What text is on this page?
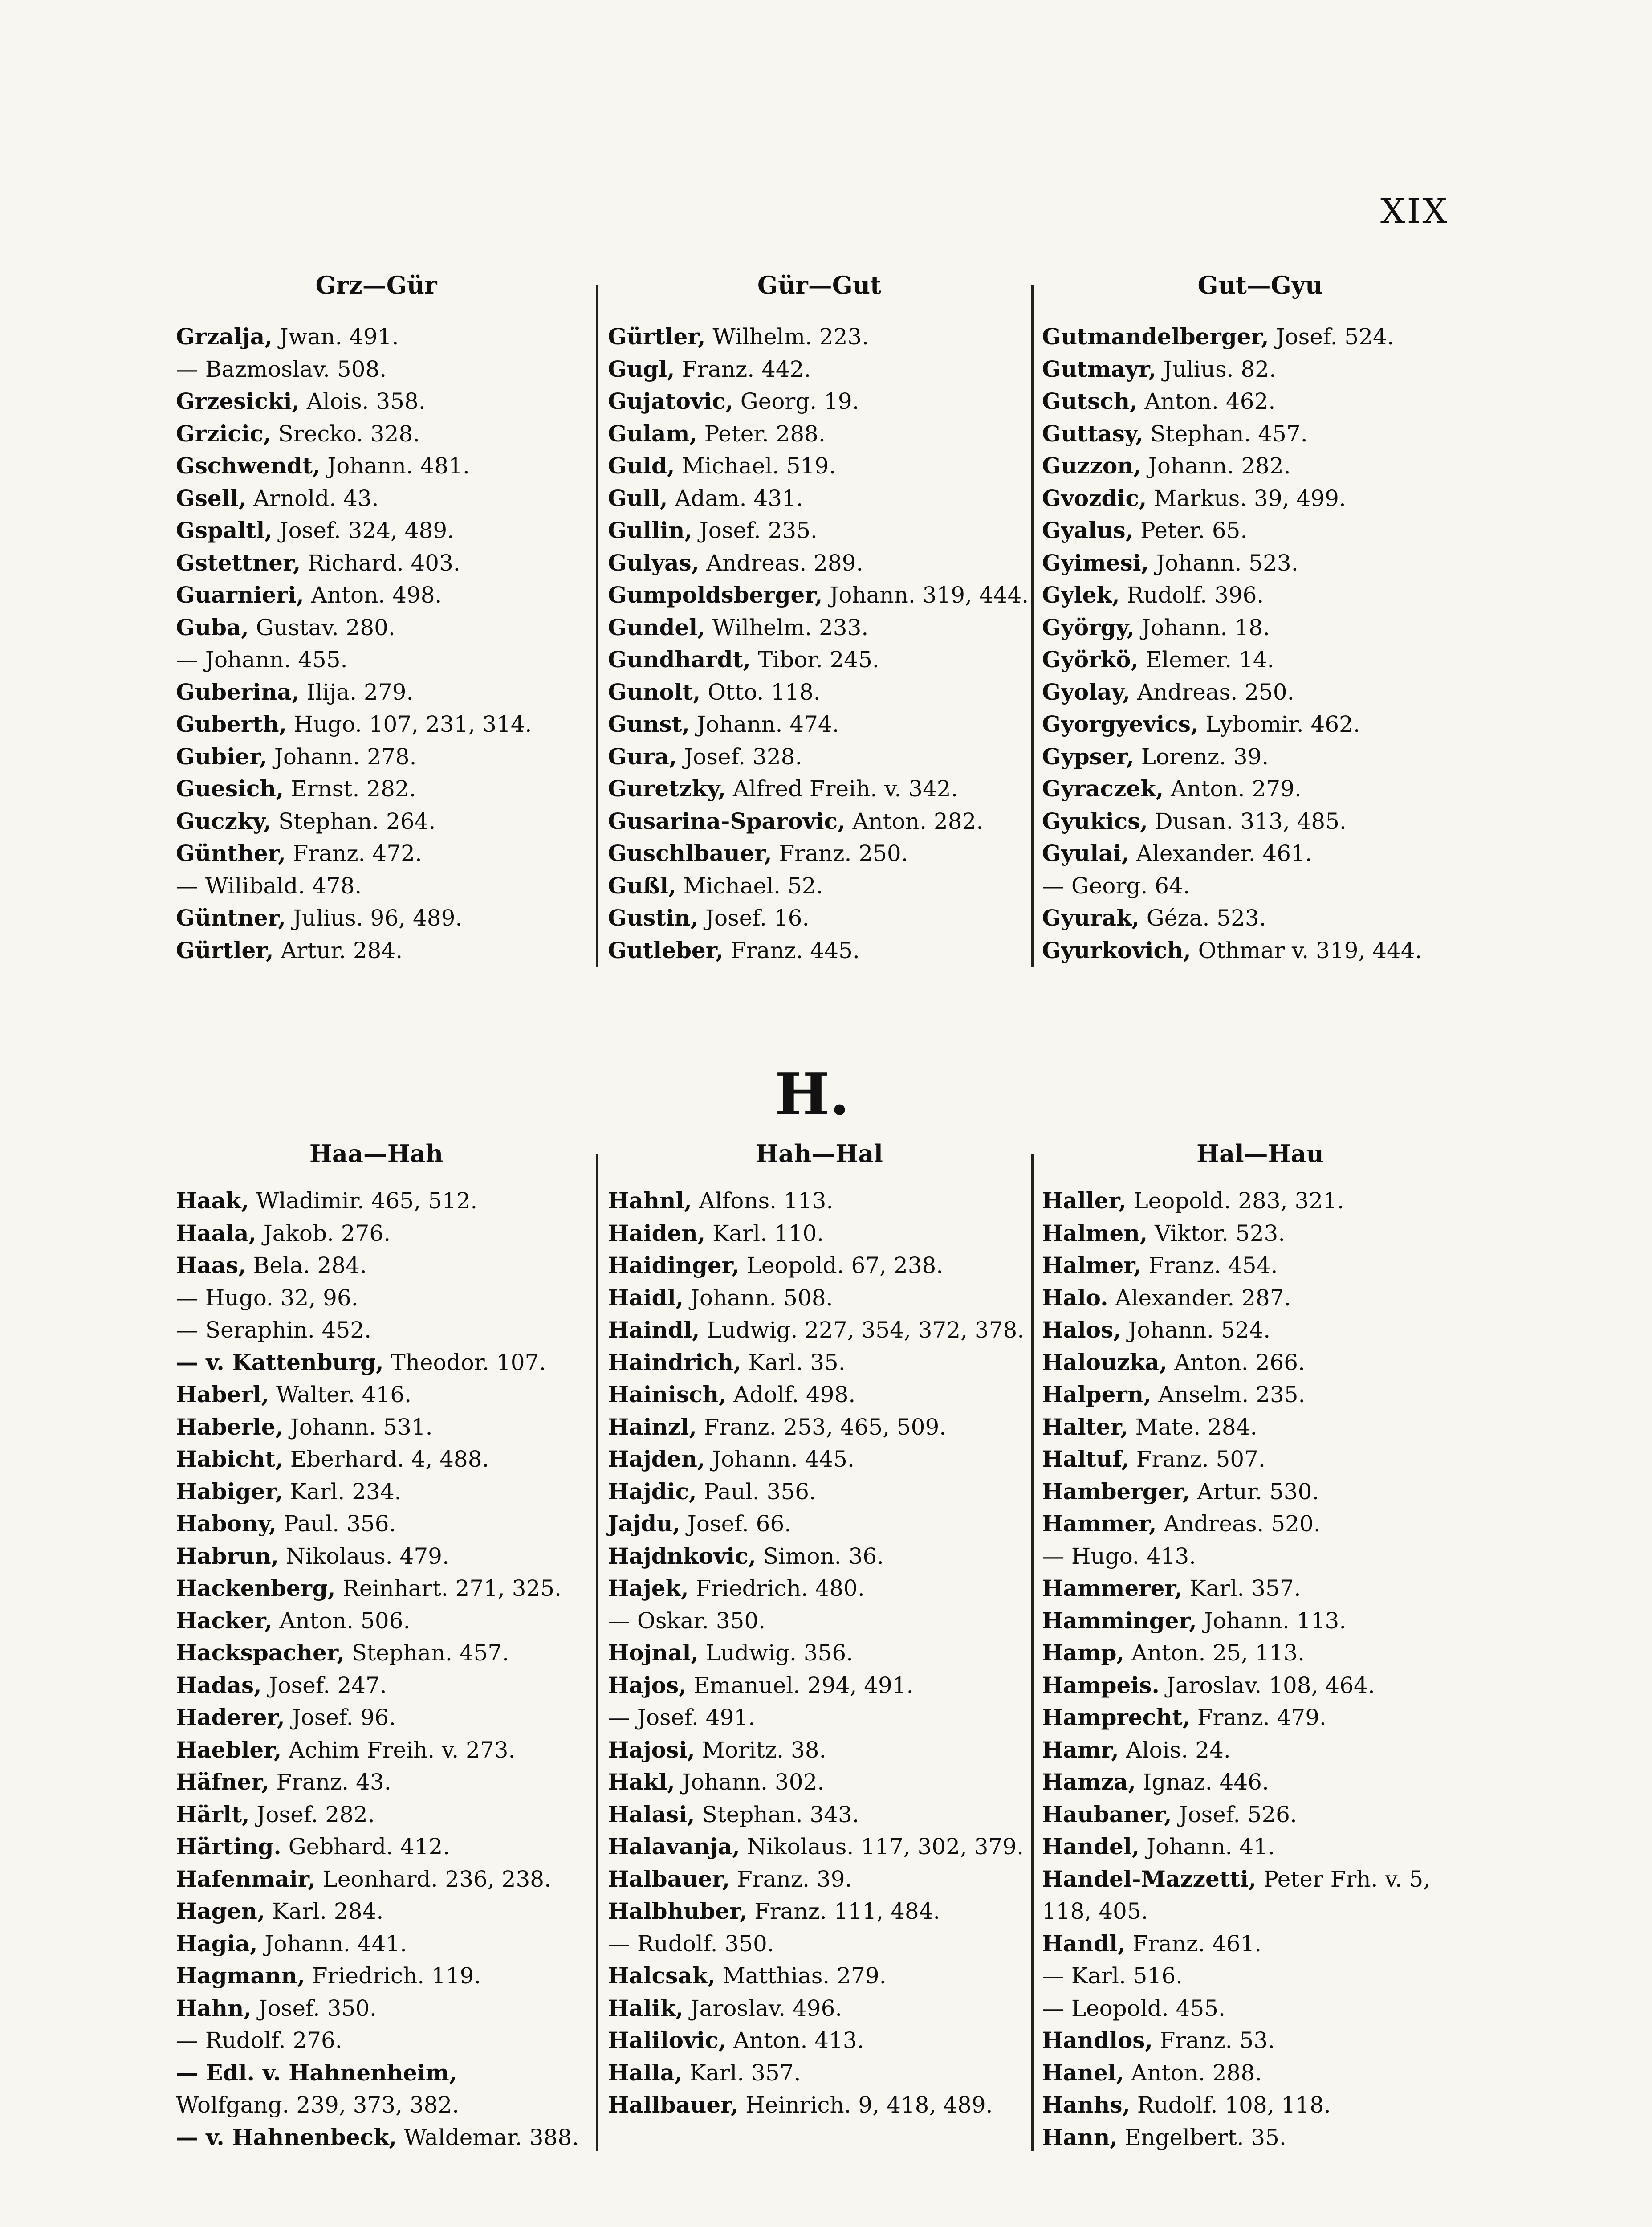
XIX
Grz—Gür
Grzalja, Jwan. 491.
— Bazmoslav. 508.
Grzesicki, Alois. 358.
Grzicic, Srecko. 328.
Gschwendt, Johann. 481.
Gsell, Arnold. 43.
Gspaltl, Josef. 324, 489.
Gstettner, Richard. 403.
Guarnieri, Anton. 498.
Guba, Gustav. 280.
— Johann. 455.
Guberina, Ilija. 279.
Guberth, Hugo. 107, 231, 314.
Gubier, Johann. 278.
Guesich, Ernst. 282.
Guczky, Stephan. 264.
Günther, Franz. 472.
— Wilibald. 478.
Güntner, Julius. 96, 489.
Gürtler, Artur. 284.
Gür—Gut
Gürtler, Wilhelm. 223.
Gugl, Franz. 442.
Gujatovic, Georg. 19.
Gulam, Peter. 288.
Guld, Michael. 519.
Gull, Adam. 431.
Gullin, Josef. 235.
Gulyas, Andreas. 289.
Gumpoldsberger, Johann. 319, 444.
Gundel, Wilhelm. 233.
Gundhardt, Tibor. 245.
Gunolt, Otto. 118.
Gunst, Johann. 474.
Gura, Josef. 328.
Guretzky, Alfred Freih. v. 342.
Gusarina-Sparovic, Anton. 282.
Guschlbauer, Franz. 250.
Gußl, Michael. 52.
Gustin, Josef. 16.
Gutleber, Franz. 445.
Gut—Gyu
Gutmandelberger, Josef. 524.
Gutmayr, Julius. 82.
Gutsch, Anton. 462.
Guttasy, Stephan. 457.
Guzzon, Johann. 282.
Gvozdic, Markus. 39, 499.
Gyalus, Peter. 65.
Gyimesi, Johann. 523.
Gylek, Rudolf. 396.
György, Johann. 18.
Györkö, Elemer. 14.
Gyolay, Andreas. 250.
Gyorgyevics, Lybomir. 462.
Gypser, Lorenz. 39.
Gyraczek, Anton. 279.
Gyukics, Dusan. 313, 485.
Gyulai, Alexander. 461.
— Georg. 64.
Gyurak, Géza. 523.
Gyurkovich, Othmar v. 319, 444.
H.
Haa—Hah
Haak, Wladimir. 465, 512.
Haala, Jakob. 276.
Haas, Bela. 284.
— Hugo. 32, 96.
— Seraphin. 452.
— v. Kattenburg, Theodor. 107.
Haberl, Walter. 416.
Haberle, Johann. 531.
Habicht, Eberhard. 4, 488.
Habiger, Karl. 234.
Habony, Paul. 356.
Habrun, Nikolaus. 479.
Hackenberg, Reinhart. 271, 325.
Hacker, Anton. 506.
Hackspacher, Stephan. 457.
Hadas, Josef. 247.
Haderer, Josef. 96.
Haebler, Achim Freih. v. 273.
Häfner, Franz. 43.
Härlt, Josef. 282.
Härting. Gebhard. 412.
Hafenmair, Leonhard. 236, 238.
Hagen, Karl. 284.
Hagia, Johann. 441.
Hagmann, Friedrich. 119.
Hahn, Josef. 350.
— Rudolf. 276.
— Edl. v. Hahnenheim, Wolfgang. 239, 373, 382.
— v. Hahnenbeck, Waldemar. 388.
Hah—Hal
Hahnl, Alfons. 113.
Haiden, Karl. 110.
Haidinger, Leopold. 67, 238.
Haidl, Johann. 508.
Haindl, Ludwig. 227, 354, 372, 378.
Haindrich, Karl. 35.
Hainisch, Adolf. 498.
Hainzl, Franz. 253, 465, 509.
Hajden, Johann. 445.
Hajdic, Paul. 356.
Jajdu, Josef. 66.
Hajdnkovic, Simon. 36.
Hajek, Friedrich. 480.
— Oskar. 350.
Hojnal, Ludwig. 356.
Hajos, Emanuel. 294, 491.
— Josef. 491.
Hajosi, Moritz. 38.
Hakl, Johann. 302.
Halasi, Stephan. 343.
Halavanja, Nikolaus. 117, 302, 379.
Halbauer, Franz. 39.
Halbhuber, Franz. 111, 484.
— Rudolf. 350.
Halcsak, Matthias. 279.
Halik, Jaroslav. 496.
Halilovic, Anton. 413.
Halla, Karl. 357.
Hallbauer, Heinrich. 9, 418, 489.
Hal—Hau
Haller, Leopold. 283, 321.
Halmen, Viktor. 523.
Halmer, Franz. 454.
Halo. Alexander. 287.
Halos, Johann. 524.
Halouzka, Anton. 266.
Halpern, Anselm. 235.
Halter, Mate. 284.
Haltuf, Franz. 507.
Hamberger, Artur. 530.
Hammer, Andreas. 520.
— Hugo. 413.
Hammerer, Karl. 357.
Hamminger, Johann. 113.
Hamp, Anton. 25, 113.
Hampeis. Jaroslav. 108, 464.
Hamprecht, Franz. 479.
Hamr, Alois. 24.
Hamza, Ignaz. 446.
Haubaner, Josef. 526.
Handel, Johann. 41.
Handel-Mazzetti, Peter Frh. v. 5, 118, 405.
Handl, Franz. 461.
— Karl. 516.
— Leopold. 455.
Handlos, Franz. 53.
Hanel, Anton. 288.
Hanhs, Rudolf. 108, 118.
Hann, Engelbert. 35.
